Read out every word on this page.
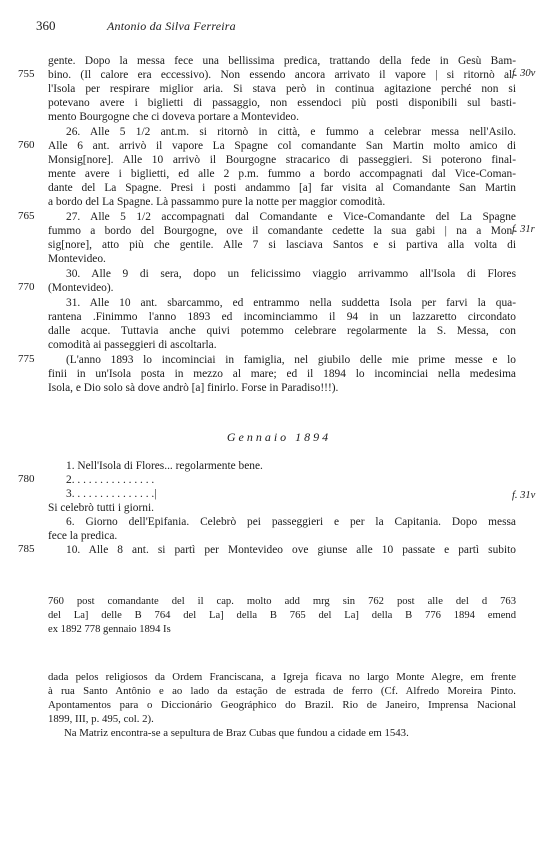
360	Antonio da Silva Ferreira
gente. Dopo la messa fece una bellissima predica, trattando della fede in Gesù Bam-
bino. (Il calore era eccessivo). Non essendo ancora arrivato il vapore | si ritornò al-
l'Isola per respirare miglior aria. Si stava però in continua agitazione perché non si
potevano avere i biglietti di passaggio, non essendoci più posti disponibili sul basti-
mento Bourgogne che ci doveva portare a Montevideo.
26. Alle 5 1/2 ant.m. si ritornò in città, e fummo a celebrar messa nell'Asilo.
Alle 6 ant. arrivò il vapore La Spagne col comandante San Martin molto amico di
Monsig[nore]. Alle 10 arrivò il Bourgogne stracarico di passeggieri. Si poterono final-
mente avere i biglietti, ed alle 2 p.m. fummo a bordo accompagnati dal Vice-Coman-
dante del La Spagne. Presi i posti andammo [a] far visita al Comandante San Martin
a bordo del La Spagne. Là passammo pure la notte per maggior comodità.
27. Alle 5 1/2 accompagnati dal Comandante e Vice-Comandante del La Spagne
fummo a bordo del Bourgogne, ove il comandante cedette la sua gabi | na a Mon-
sig[nore], atto più che gentile. Alle 7 si lasciava Santos e si partiva alla volta di
Montevideo.
30. Alle 9 di sera, dopo un felicissimo viaggio arrivammo all'Isola di Flores
(Montevideo).
31. Alle 10 ant. sbarcammo, ed entrammo nella suddetta Isola per farvi la qua-
rantena .Finimmo l'anno 1893 ed incominciammo il 94 in un lazzaretto circondato
dalle acque. Tuttavia anche quivi potemmo celebrare regolarmente la S. Messa, con
comodità ai passeggieri di ascoltarla.
(L'anno 1893 lo incominciai in famiglia, nel giubilo delle mie prime messe e lo
finii in un'Isola posta in mezzo al mare; ed il 1894 lo incominciai nella medesima
Isola, e Dio solo sà dove andrò [a] finirlo. Forse in Paradiso!!!).
755
760
765
770
775
f. 30v
f. 31r
Gennaio 1894
1. Nell'Isola di Flores... regolarmente bene.
2. . . . . . . . . . . . . . .
3. . . . . . . . . . . . . . .|
Si celebrò tutti i giorni.
6. Giorno dell'Epifania. Celebrò pei passeggieri e per la Capitania. Dopo messa
fece la predica.
10. Alle 8 ant. si partì per Montevideo ove giunse alle 10 passate e partì subito
780
785
f. 31v
760 post comandante del il cap. molto add mrg sin 762 post alle del d 763
del La] delle B 764 del La] della B 765 del La] della B 776 1894 emend
ex 1892 778 gennaio 1894 Is
dada pelos religiosos da Ordem Franciscana, a Igreja ficava no largo Monte Alegre, em frente
à rua Santo Antônio e ao lado da estação de estrada de ferro (Cf. Alfredo Moreira Pinto.
Apontamentos para o Diccionário Geográphico do Brazil. Rio de Janeiro, Imprensa Nacional
1899, III, p. 495, col. 2).
Na Matriz encontra-se a sepultura de Braz Cubas que fundou a cidade em 1543.
